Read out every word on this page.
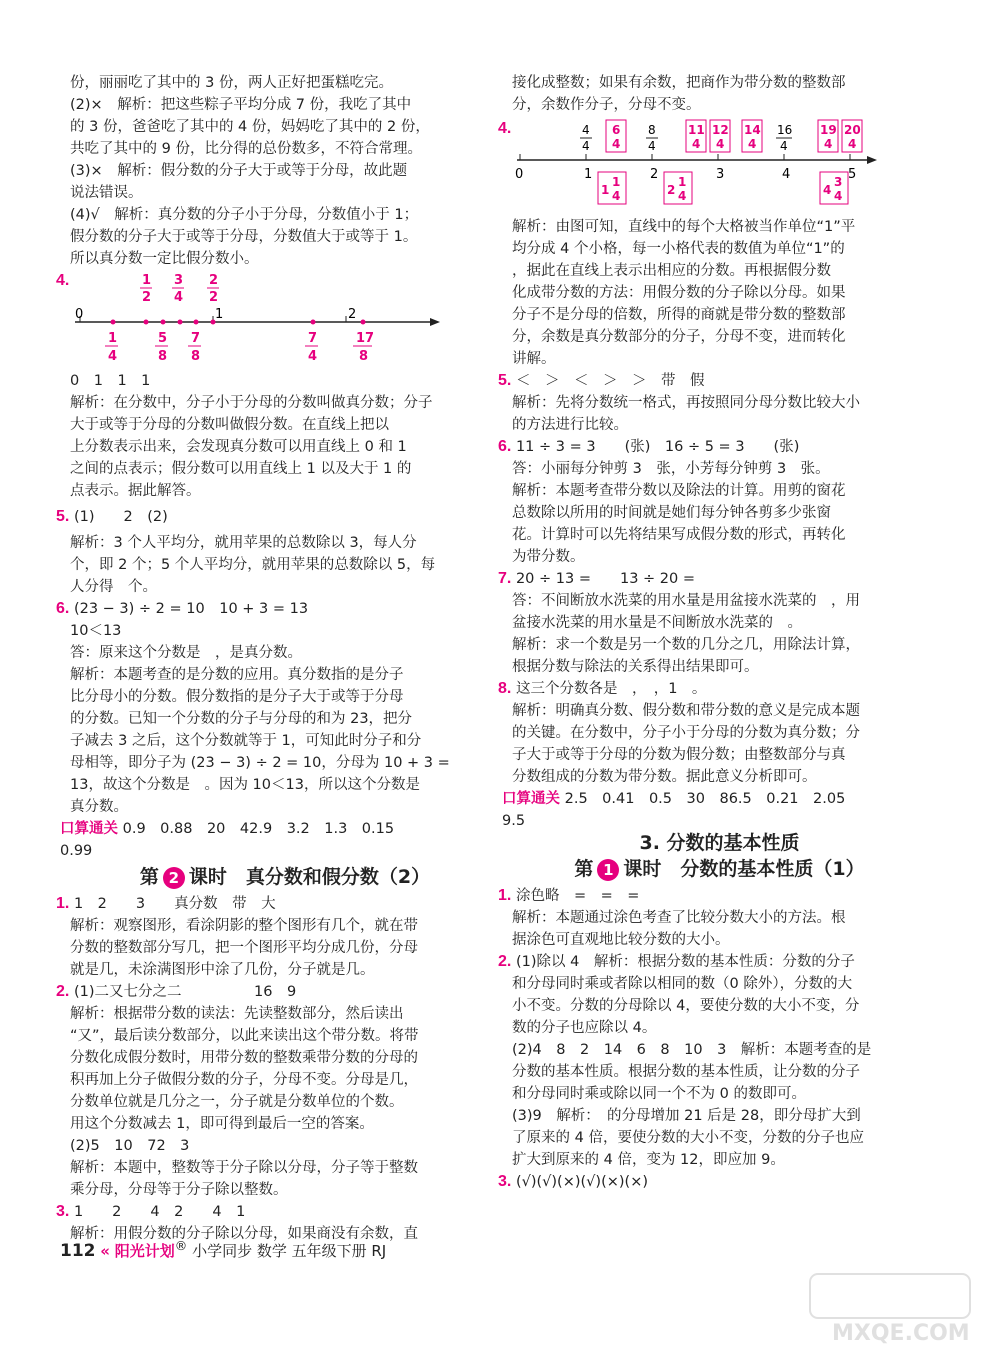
份，丽丽吃了其中的 3 份，两人正好把蛋糕吃完。

(2)×　解析：把这些粽子平均分成 7 份，我吃了其中

的 3 份，爸爸吃了其中的 4 份，妈妈吃了其中的 2 份，

共吃了其中的 9 份，比分得的总份数多，不符合常理。

(3)×　解析：假分数的分子大于或等于分母，故此题

说法错误。

(4)√　解析：真分数的分子小于分母，分数值小于 1；

假分数的分子大于或等于分母，分数值大于或等于 1。

所以真分数一定比假分数小。

4.
0	1	2
1
2
3
4
2
2
1
4
5
8
7
8
7
4
17
8

0　1　1　1

解析：在分数中，分子小于分母的分数叫做真分数；分子

大于或等于分母的分数叫做假分数。在直线上把以

上分数表示出来，会发现真分数可以用直线上 0 和 1

之间的点表示；假分数可以用直线上 1 以及大于 1 的

点表示。据此解答。

5. (1)　　2　(2)

解析：3 个人平均分，就用苹果的总数除以 3，每人分

个，即 2 个；5 个人平均分，就用苹果的总数除以 5，每

人分得　个。

6. (23 − 3) ÷ 2 = 10　10 + 3 = 13

10＜13

答：原来这个分数是　，是真分数。

解析：本题考查的是分数的应用。真分数指的是分子

比分母小的分数。假分数指的是分子大于或等于分母

的分数。已知一个分数的分子与分母的和为 23，把分

子减去 3 之后，这个分数就等于 1，可知此时分子和分

母相等，即分子为 (23 − 3) ÷ 2 = 10，分母为 10 + 3 =

13，故这个分数是　。因为 10＜13，所以这个分数是

真分数。

口算通关 0.9　0.88　20　42.9　3.2　1.3　0.15

0.99

第 2 课时　真分数和假分数（2）

1. 1　2　　3　　真分数　带　大

解析：观察图形，看涂阴影的整个图形有几个，就在带

分数的整数部分写几，把一个图形平均分成几份，分母

就是几，未涂满图形中涂了几份，分子就是几。

2. (1)二又七分之二　　　　　16　9

解析：根据带分数的读法：先读整数部分，然后读出

“又”，最后读分数部分，以此来读出这个带分数。将带

分数化成假分数时，用带分数的整数乘带分数的分母的

积再加上分子做假分数的分子，分母不变。分母是几，

分数单位就是几分之一，分子就是分数单位的个数。

用这个分数减去 1，即可得到最后一空的答案。

(2)5　10　72　3

解析：本题中，整数等于分子除以分母，分子等于整数

乘分母，分母等于分子除以整数。

3. 1　　2　　4　2　　4　1

解析：用假分数的分子除以分母，如果商没有余数，直

接化成整数；如果有余数，把商作为带分数的整数部

分，余数作分子，分母不变。

4.
0	1	2	3	4	5
4
4
8
4
16
4
6
4
11
4
12
4
14
4
19
4
20
4
1
1
4	2
1
4	4
3
4

解析：由图可知，直线中的每个大格被当作单位“1”平

均分成 4 个小格，每一小格代表的数值为单位“1”的

，据此在直线上表示出相应的分数。再根据假分数

化成带分数的方法：用假分数的分子除以分母。如果

分子不是分母的倍数，所得的商就是带分数的整数部

分，余数是真分数部分的分子，分母不变，进而转化

讲解。

5. ＜　＞　＜　＞　＞　带　假

解析：先将分数统一格式，再按照同分母分数比较大小

的方法进行比较。

6. 11 ÷ 3 = 3　　(张)　16 ÷ 5 = 3　　(张)

答：小丽每分钟剪 3　张，小芳每分钟剪 3　张。

解析：本题考查带分数以及除法的计算。用剪的窗花

总数除以所用的时间就是她们每分钟各剪多少张窗

花。计算时可以先将结果写成假分数的形式，再转化

为带分数。

7. 20 ÷ 13 =　　13 ÷ 20 =

答：不间断放水洗菜的用水量是用盆接水洗菜的　，用

盆接水洗菜的用水量是不间断放水洗菜的　。

解析：求一个数是另一个数的几分之几，用除法计算，

根据分数与除法的关系得出结果即可。

8. 这三个分数各是　，　，1　。

解析：明确真分数、假分数和带分数的意义是完成本题

的关键。在分数中，分子小于分母的分数为真分数；分

子大于或等于分母的分数为假分数；由整数部分与真

分数组成的分数为带分数。据此意义分析即可。

口算通关 2.5　0.41　0.5　30　86.5　0.21　2.05

9.5

3. 分数的基本性质
第 1 课时　分数的基本性质（1）

1. 涂色略　=　=　=

解析：本题通过涂色考查了比较分数大小的方法。根

据涂色可直观地比较分数的大小。

2. (1)除以 4　解析：根据分数的基本性质：分数的分子

和分母同时乘或者除以相同的数（0 除外），分数的大

小不变。分数的分母除以 4，要使分数的大小不变，分

数的分子也应除以 4。

(2)4　8　2　14　6　8　10　3　解析：本题考查的是

分数的基本性质。根据分数的基本性质，让分数的分子

和分母同时乘或除以同一个不为 0 的数即可。

(3)9　解析：　的分母增加 21 后是 28，即分母扩大到

了原来的 4 倍，要使分数的大小不变，分数的分子也应

扩大到原来的 4 倍，变为 12，即应加 9。

3. (√)(√)(×)(√)(×)(×)

112 « 阳光计划® 小学同步 数学 五年级下册 RJ
MXQE.COM
